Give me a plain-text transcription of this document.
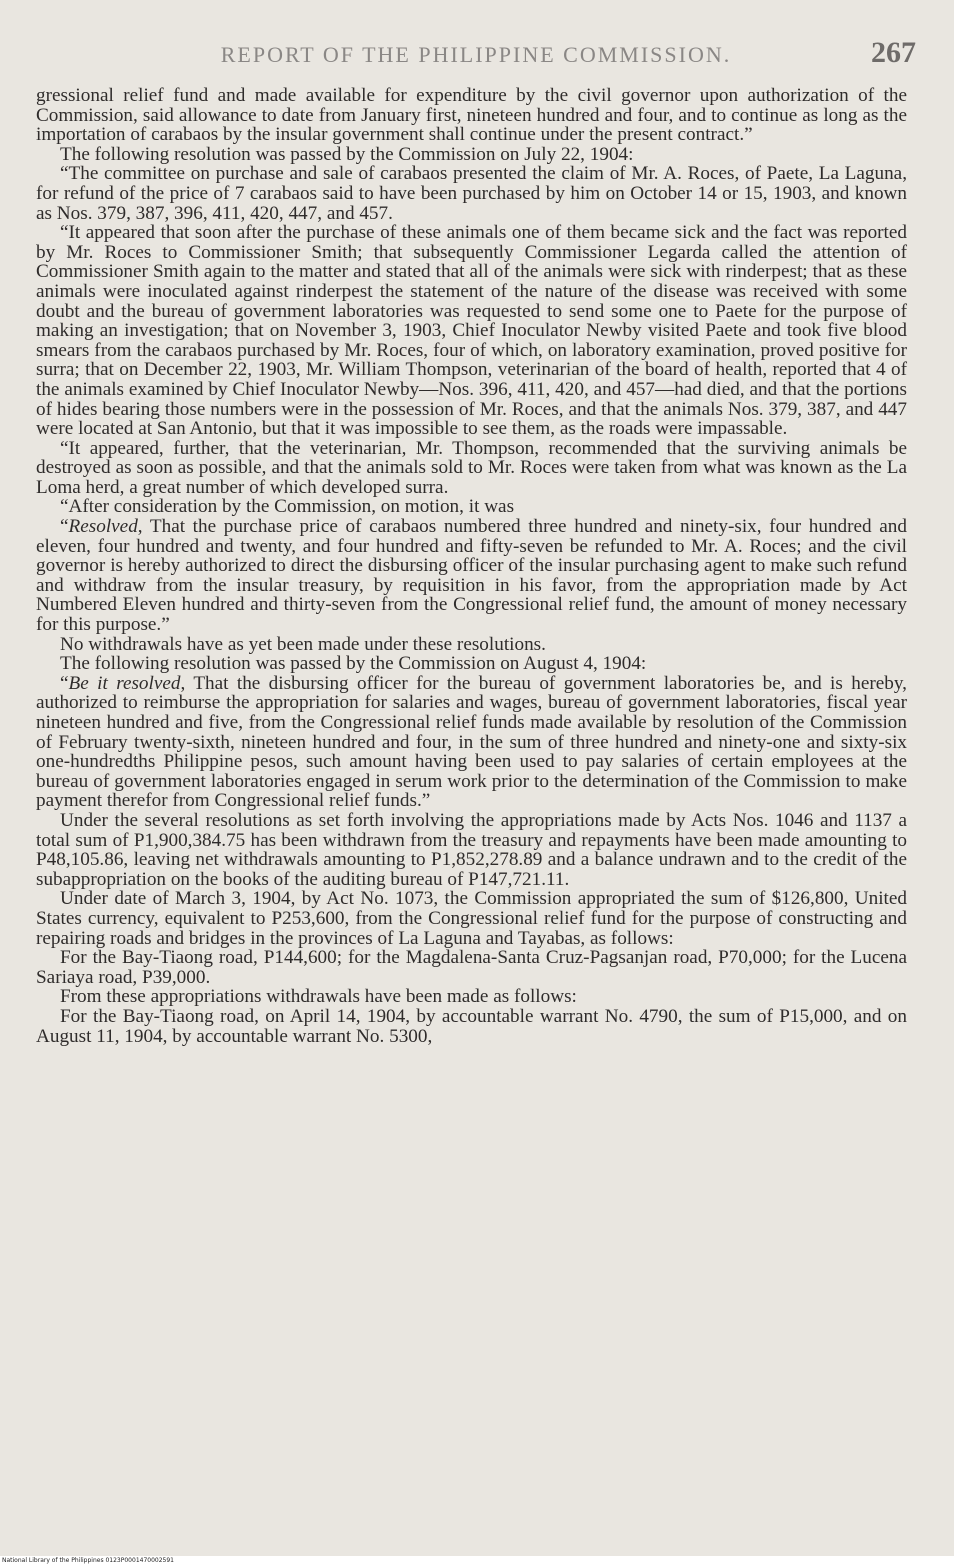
REPORT OF THE PHILIPPINE COMMISSION.	267

gressional relief fund and made available for expenditure by the civil governor upon authorization of the Commission, said allowance to date from January first, nineteen hundred and four, and to continue as long as the importation of carabaos by the insular government shall continue under the present contract.”

The following resolution was passed by the Commission on July 22, 1904:

“The committee on purchase and sale of carabaos presented the claim of Mr. A. Roces, of Paete, La Laguna, for refund of the price of 7 carabaos said to have been purchased by him on October 14 or 15, 1903, and known as Nos. 379, 387, 396, 411, 420, 447, and 457.

“It appeared that soon after the purchase of these animals one of them became sick and the fact was reported by Mr. Roces to Commissioner Smith; that subsequently Commissioner Legarda called the attention of Commissioner Smith again to the matter and stated that all of the animals were sick with rinderpest; that as these animals were inoculated against rinderpest the statement of the nature of the disease was received with some doubt and the bureau of government laboratories was requested to send some one to Paete for the purpose of making an investigation; that on November 3, 1903, Chief Inoculator Newby visited Paete and took five blood smears from the carabaos purchased by Mr. Roces, four of which, on laboratory examination, proved positive for surra; that on December 22, 1903, Mr. William Thompson, veterinarian of the board of health, reported that 4 of the animals examined by Chief Inoculator Newby—Nos. 396, 411, 420, and 457—had died, and that the portions of hides bearing those numbers were in the possession of Mr. Roces, and that the animals Nos. 379, 387, and 447 were located at San Antonio, but that it was impossible to see them, as the roads were impassable.

“It appeared, further, that the veterinarian, Mr. Thompson, recommended that the surviving animals be destroyed as soon as possible, and that the animals sold to Mr. Roces were taken from what was known as the La Loma herd, a great number of which developed surra.

“After consideration by the Commission, on motion, it was

“Resolved, That the purchase price of carabaos numbered three hundred and ninety-six, four hundred and eleven, four hundred and twenty, and four hundred and fifty-seven be refunded to Mr. A. Roces; and the civil governor is hereby authorized to direct the disbursing officer of the insular purchasing agent to make such refund and withdraw from the insular treasury, by requisition in his favor, from the appropriation made by Act Numbered Eleven hundred and thirty-seven from the Congressional relief fund, the amount of money necessary for this purpose.”

No withdrawals have as yet been made under these resolutions.

The following resolution was passed by the Commission on August 4, 1904:

“Be it resolved, That the disbursing officer for the bureau of government laboratories be, and is hereby, authorized to reimburse the appropriation for salaries and wages, bureau of government laboratories, fiscal year nineteen hundred and five, from the Congressional relief funds made available by resolution of the Commission of February twenty-sixth, nineteen hundred and four, in the sum of three hundred and ninety-one and sixty-six one-hundredths Philippine pesos, such amount having been used to pay salaries of certain employees at the bureau of government laboratories engaged in serum work prior to the determination of the Commission to make payment therefor from Congressional relief funds.”

Under the several resolutions as set forth involving the appropriations made by Acts Nos. 1046 and 1137 a total sum of P1,900,384.75 has been withdrawn from the treasury and repayments have been made amounting to P48,105.86, leaving net withdrawals amounting to P1,852,278.89 and a balance undrawn and to the credit of the subappropriation on the books of the auditing bureau of P147,721.11.

Under date of March 3, 1904, by Act No. 1073, the Commission appropriated the sum of $126,800, United States currency, equivalent to P253,600, from the Congressional relief fund for the purpose of constructing and repairing roads and bridges in the provinces of La Laguna and Tayabas, as follows:

For the Bay-Tiaong road, P144,600; for the Magdalena-Santa Cruz-Pagsanjan road, P70,000; for the Lucena Sariaya road, P39,000.

From these appropriations withdrawals have been made as follows:

For the Bay-Tiaong road, on April 14, 1904, by accountable warrant No. 4790, the sum of P15,000, and on August 11, 1904, by accountable warrant No. 5300,

National Library of the Philippines 0123P0001470002591
